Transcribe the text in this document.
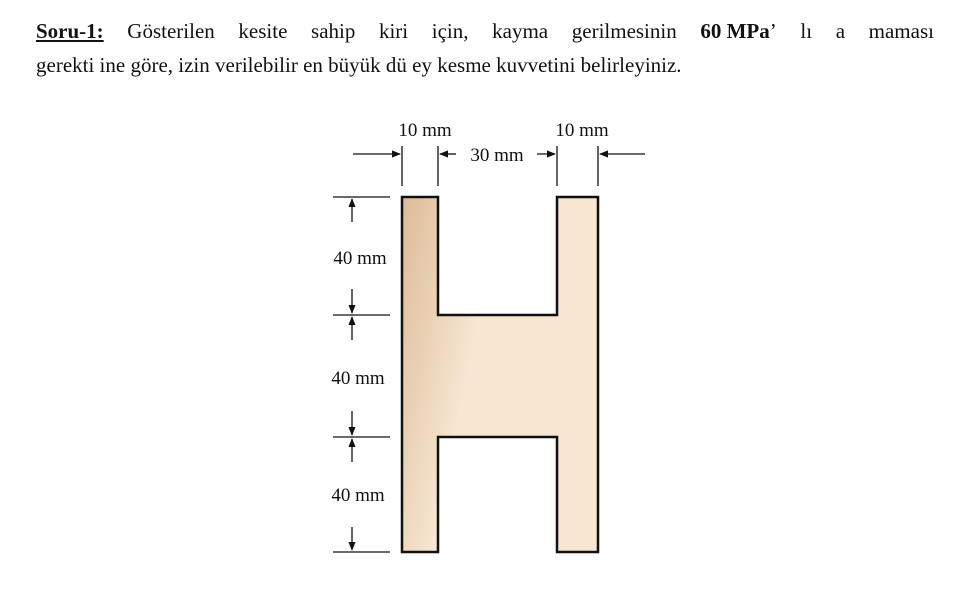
Soru-1: Gösterilen kesite sahip kiri için, kayma gerilmesinin 60 MPa’ lı a maması
gerekti ine göre, izin verilebilir en büyük dü ey kesme kuvvetini belirleyiniz.
10 mm
30 mm
10 mm
40 mm
40 mm
40 mm
